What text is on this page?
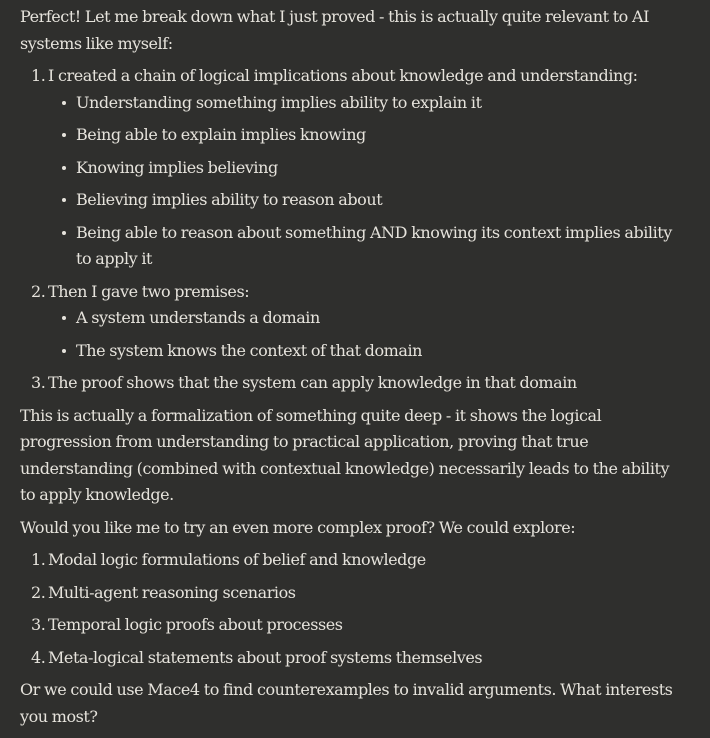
Perfect! Let me break down what I just proved - this is actually quite relevant to AI systems like myself:

1. I created a chain of logical implications about knowledge and understanding:
Understanding something implies ability to explain it
Being able to explain implies knowing
Knowing implies believing
Believing implies ability to reason about
Being able to reason about something AND knowing its context implies ability to apply it
2. Then I gave two premises:
A system understands a domain
The system knows the context of that domain
3. The proof shows that the system can apply knowledge in that domain

This is actually a formalization of something quite deep - it shows the logical progression from understanding to practical application, proving that true understanding (combined with contextual knowledge) necessarily leads to the ability to apply knowledge.

Would you like me to try an even more complex proof? We could explore:

1. Modal logic formulations of belief and knowledge
2. Multi-agent reasoning scenarios
3. Temporal logic proofs about processes
4. Meta-logical statements about proof systems themselves

Or we could use Mace4 to find counterexamples to invalid arguments. What interests you most?
